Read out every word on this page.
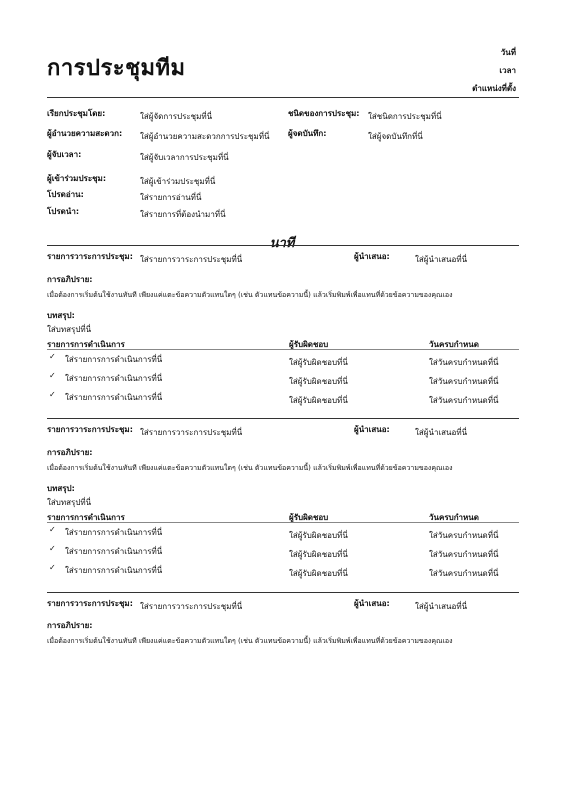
การประชุมทีม
วันที่
เวลา
ตำแหน่งที่ตั้ง
เรียกประชุมโดย:	ใส่ผู้จัดการประชุมที่นี่	ชนิดของการประชุม: ใส่ชนิดการประชุมที่นี่
ผู้อำนวยความสะดวก: ใส่ผู้อำนวยความสะดวกการประชุมที่นี่ ผู้จดบันทึก:	ใส่ผู้จดบันทึกที่นี่
ผู้จับเวลา:	ใส่ผู้จับเวลาการประชุมที่นี่
ผู้เข้าร่วมประชุม:	ใส่ผู้เข้าร่วมประชุมที่นี่
โปรดอ่าน:	ใส่รายการอ่านที่นี่
โปรดนำ:	ใส่รายการที่ต้องนำมาที่นี่
นาที
รายการวาระการประชุม: ใส่รายการวาระการประชุมที่นี่	ผู้นำเสนอ:	ใส่ผู้นำเสนอที่นี่
การอภิปราย:
เมื่อต้องการเริ่มต้นใช้งานทันที เพียงแค่แตะข้อความตัวแทนใดๆ (เช่น ตัวแทนข้อความนี้) แล้วเริ่มพิมพ์เพื่อแทนที่ด้วยข้อความของคุณเอง
บทสรุป:
ใส่บทสรุปที่นี่
รายการการดำเนินการ	ผู้รับผิดชอบ	วันครบกำหนด
✓ ใส่รายการการดำเนินการที่นี่	ใส่ผู้รับผิดชอบที่นี่	ใส่วันครบกำหนดที่นี่
✓ ใส่รายการการดำเนินการที่นี่	ใส่ผู้รับผิดชอบที่นี่	ใส่วันครบกำหนดที่นี่
✓ ใส่รายการการดำเนินการที่นี่	ใส่ผู้รับผิดชอบที่นี่	ใส่วันครบกำหนดที่นี่
รายการวาระการประชุม: ใส่รายการวาระการประชุมที่นี่	ผู้นำเสนอ:	ใส่ผู้นำเสนอที่นี่
การอภิปราย:
เมื่อต้องการเริ่มต้นใช้งานทันที เพียงแค่แตะข้อความตัวแทนใดๆ (เช่น ตัวแทนข้อความนี้) แล้วเริ่มพิมพ์เพื่อแทนที่ด้วยข้อความของคุณเอง
บทสรุป:
ใส่บทสรุปที่นี่
รายการการดำเนินการ	ผู้รับผิดชอบ	วันครบกำหนด
✓ ใส่รายการการดำเนินการที่นี่	ใส่ผู้รับผิดชอบที่นี่	ใส่วันครบกำหนดที่นี่
✓ ใส่รายการการดำเนินการที่นี่	ใส่ผู้รับผิดชอบที่นี่	ใส่วันครบกำหนดที่นี่
✓ ใส่รายการการดำเนินการที่นี่	ใส่ผู้รับผิดชอบที่นี่	ใส่วันครบกำหนดที่นี่
รายการวาระการประชุม: ใส่รายการวาระการประชุมที่นี่	ผู้นำเสนอ:	ใส่ผู้นำเสนอที่นี่
การอภิปราย:
เมื่อต้องการเริ่มต้นใช้งานทันที เพียงแค่แตะข้อความตัวแทนใดๆ (เช่น ตัวแทนข้อความนี้) แล้วเริ่มพิมพ์เพื่อแทนที่ด้วยข้อความของคุณเอง
